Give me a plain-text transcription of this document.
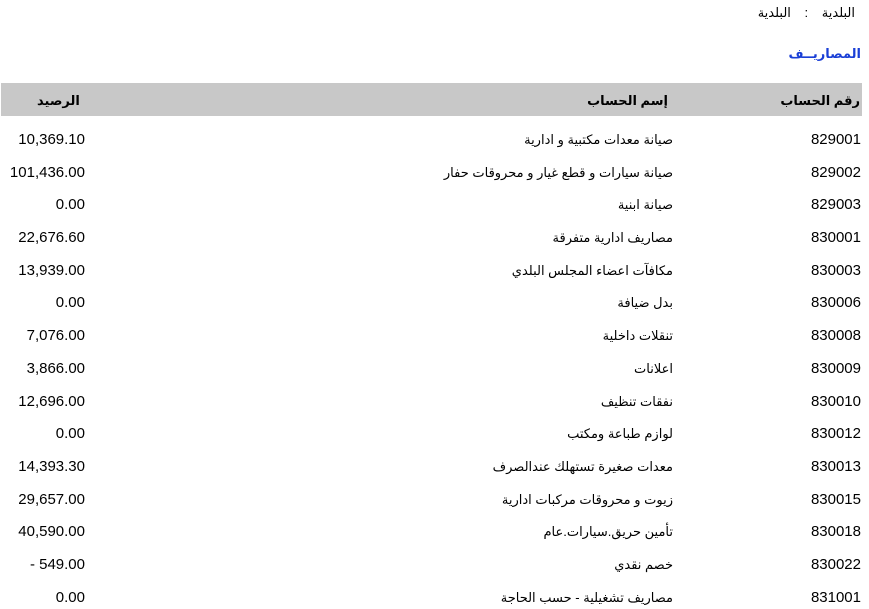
البلدية : البلدية
المصاريــف
رقم الحساب
إسم الحساب
الرصيد
829001
صيانة معدات مكتبية و ادارية
10,369.10
829002
صيانة سيارات و قطع غيار و محروقات حفار
101,436.00
829003
صيانة ابنية
0.00
830001
مصاريف ادارية متفرقة
22,676.60
830003
مكافآت اعضاء المجلس البلدي
13,939.00
830006
بدل ضيافة
0.00
830008
تنقلات داخلية
7,076.00
830009
اعلانات
3,866.00
830010
نفقات تنظيف
12,696.00
830012
لوازم طباعة ومكتب
0.00
830013
معدات صغيرة تستهلك عندالصرف
14,393.30
830015
زيوت و محروقات مركبات ادارية
29,657.00
830018
تأمين حريق.سيارات.عام
40,590.00
830022
خصم نقدي
- 549.00
831001
مصاريف تشغيلية - حسب الحاجة
0.00
